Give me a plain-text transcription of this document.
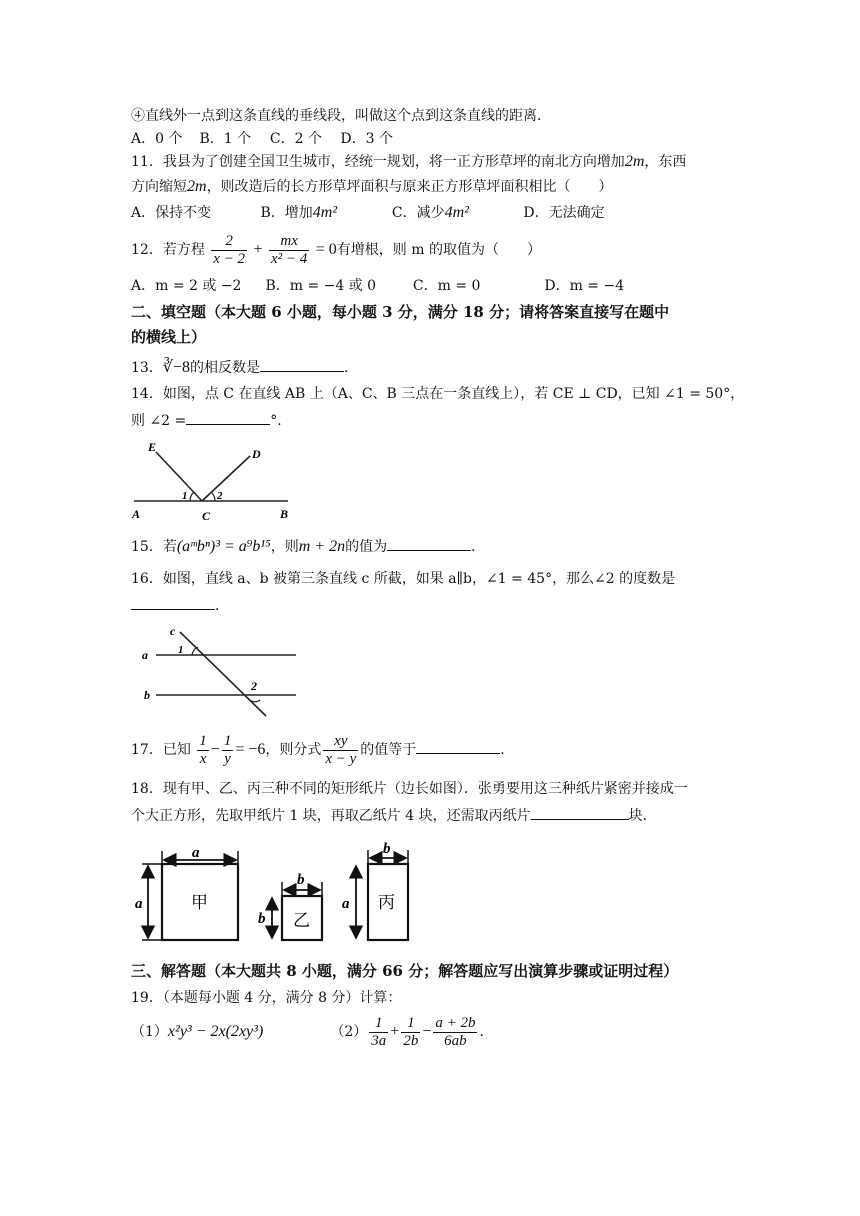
④直线外一点到这条直线的垂线段，叫做这个点到这条直线的距离．
A．0 个 B．1 个 C．2 个 D．3 个
11．我县为了创建全国卫生城市，经统一规划，将一正方形草坪的南北方向增加2m，东西
方向缩短2m，则改造后的长方形草坪面积与原来正方形草坪面积相比（　　）
A．保持不变	B．增加4m²	C．减少4m²	D．无法确定
12．若方程 $\frac{2}{x - 2} + \frac{mx}{\text{x² − 4}} = 0$有增根，则 m 的取值为（　　）
A．m = 2 或 −2 B．m = −4 或 0	C．m = 0	D．m = −4
二、填空题（本大题 6 小题，每小题 3 分，满分 18 分；请将答案直接写在题中
的横线上）
13．∛−8的相反数是	．
14．如图，点 C 在直线 AB 上（A、C、B 三点在一条直线上），若 CE ⊥ CD，已知 ∠1 = 50°，
则 ∠2 =	°．
E	D
A	C	B
1	2
15．若(aᵐbⁿ)³ = a⁹b¹⁵，则m + 2n的值为	．
16．如图，直线 a、b 被第三条直线 c 所截，如果 a∥b，∠1 = 45°，那么∠2 的度数是
．
c
a
b
1
2
17．已知 $\frac{1}{x} - \frac{1}{y} = -6$，则分式 $\frac{xy}{x - y}$ 的值等于	．
18．现有甲、乙、丙三种不同的矩形纸片（边长如图）．张勇要用这三种纸片紧密并接成一
个大正方形，先取甲纸片 1 块，再取乙纸片 4 块，还需取丙纸片	块．
a
a	甲
b
b 乙
b
a 丙
三、解答题（本大题共 8 小题，满分 66 分；解答题应写出演算步骤或证明过程）
19．（本题每小题 4 分，满分 8 分）计算：
（1）x²y³ − 2x(2xy³)	$(2) \frac{1}{3a} + \frac{1}{2b} - \frac{a + 2b}{6ab}$ ．
